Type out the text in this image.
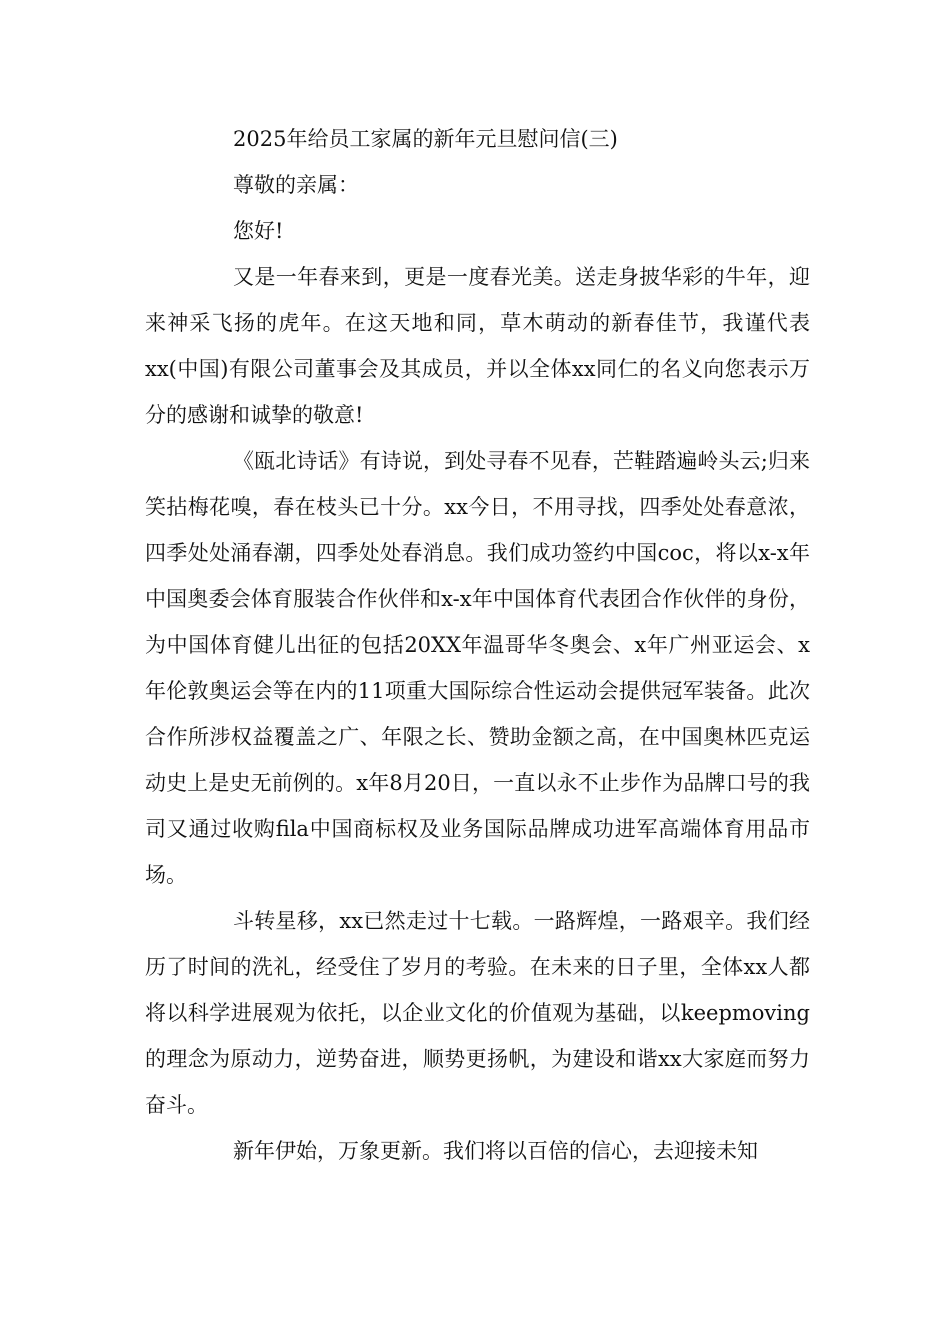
2025年给员工家属的新年元旦慰问信(三)

尊敬的亲属：

您好!

又是一年春来到，更是一度春光美。送走身披华彩的牛年，迎来神采飞扬的虎年。在这天地和同，草木萌动的新春佳节，我谨代表xx(中国)有限公司董事会及其成员，并以全体xx同仁的名义向您表示万分的感谢和诚挚的敬意!

《瓯北诗话》有诗说，到处寻春不见春，芒鞋踏遍岭头云;归来笑拈梅花嗅，春在枝头已十分。xx今日，不用寻找，四季处处春意浓，四季处处涌春潮，四季处处春消息。我们成功签约中国coc，将以x-x年中国奥委会体育服装合作伙伴和x-x年中国体育代表团合作伙伴的身份，为中国体育健儿出征的包括20XX年温哥华冬奥会、x年广州亚运会、x年伦敦奥运会等在内的11项重大国际综合性运动会提供冠军装备。此次合作所涉权益覆盖之广、年限之长、赞助金额之高，在中国奥林匹克运动史上是史无前例的。x年8月20日，一直以永不止步作为品牌口号的我司又通过收购fila中国商标权及业务国际品牌成功进军高端体育用品市场。

斗转星移，xx已然走过十七载。一路辉煌，一路艰辛。我们经历了时间的洗礼，经受住了岁月的考验。在未来的日子里，全体xx人都将以科学进展观为依托，以企业文化的价值观为基础，以keepmoving的理念为原动力，逆势奋进，顺势更扬帆，为建设和谐xx大家庭而努力奋斗。

新年伊始，万象更新。我们将以百倍的信心，去迎接未知
